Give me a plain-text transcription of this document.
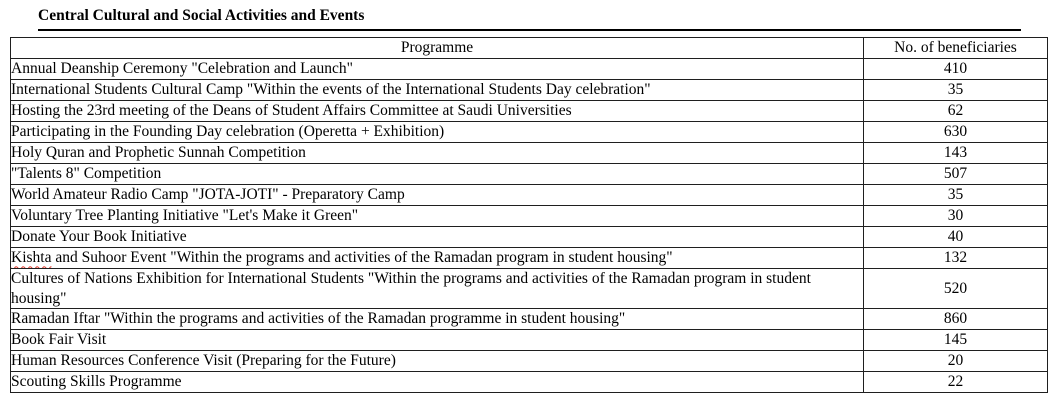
Central Cultural and Social Activities and Events
Programme	No. of beneficiaries
Annual Deanship Ceremony "Celebration and Launch"	410
International Students Cultural Camp "Within the events of the International Students Day celebration"	35
Hosting the 23rd meeting of the Deans of Student Affairs Committee at Saudi Universities	62
Participating in the Founding Day celebration (Operetta + Exhibition)	630
Holy Quran and Prophetic Sunnah Competition	143
"Talents 8" Competition	507
World Amateur Radio Camp "JOTA-JOTI" - Preparatory Camp	35
Voluntary Tree Planting Initiative "Let's Make it Green"	30
Donate Your Book Initiative	40
Kishta and Suhoor Event "Within the programs and activities of the Ramadan program in student housing"	132
Cultures of Nations Exhibition for International Students "Within the programs and activities of the Ramadan program in student housing"	520
Ramadan Iftar "Within the programs and activities of the Ramadan programme in student housing"	860
Book Fair Visit	145
Human Resources Conference Visit (Preparing for the Future)	20
Scouting Skills Programme	22
